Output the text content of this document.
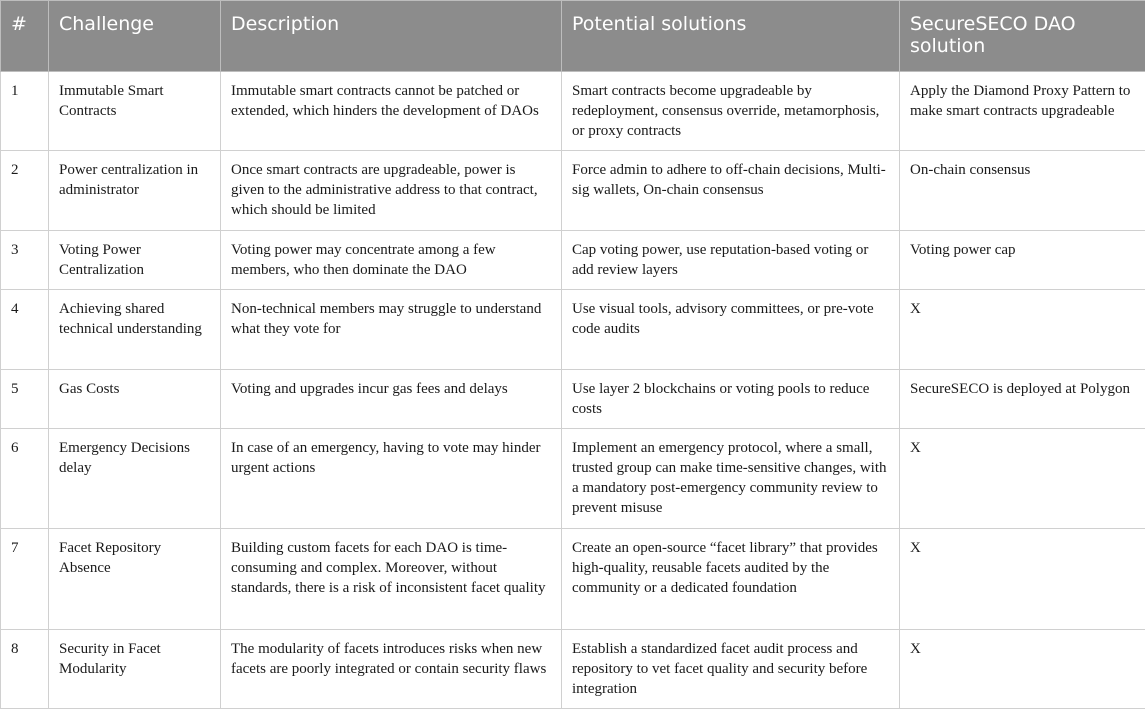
#	Challenge	Description	Potential solutions	SecureSECO DAO solution
1	Immutable Smart Contracts	Immutable smart contracts cannot be patched or extended, which hinders the development of DAOs	Smart contracts become upgradeable by redeployment, consensus override, metamorphosis, or proxy contracts	Apply the Diamond Proxy Pattern to make smart contracts upgradeable
2	Power centralization in administrator	Once smart contracts are upgradeable, power is given to the administrative address to that contract, which should be limited	Force admin to adhere to off-chain decisions, Multi-sig wallets, On-chain consensus	On-chain consensus
3	Voting Power Centralization	Voting power may concentrate among a few members, who then dominate the DAO	Cap voting power, use reputation-based voting or add review layers	Voting power cap
4	Achieving shared technical understanding	Non-technical members may struggle to understand what they vote for	Use visual tools, advisory committees, or pre-vote code audits	X
5	Gas Costs	Voting and upgrades incur gas fees and delays	Use layer 2 blockchains or voting pools to reduce costs	SecureSECO is deployed at Polygon
6	Emergency Decisions delay	In case of an emergency, having to vote may hinder urgent actions	Implement an emergency protocol, where a small, trusted group can make time-sensitive changes, with a mandatory post-emergency community review to prevent misuse	X
7	Facet Repository Absence	Building custom facets for each DAO is time-consuming and complex. Moreover, without standards, there is a risk of inconsistent facet quality	Create an open-source “facet library” that provides high-quality, reusable facets audited by the community or a dedicated foundation	X
8	Security in Facet Modularity	The modularity of facets introduces risks when new facets are poorly integrated or contain security flaws	Establish a standardized facet audit process and repository to vet facet quality and security before integration	X
